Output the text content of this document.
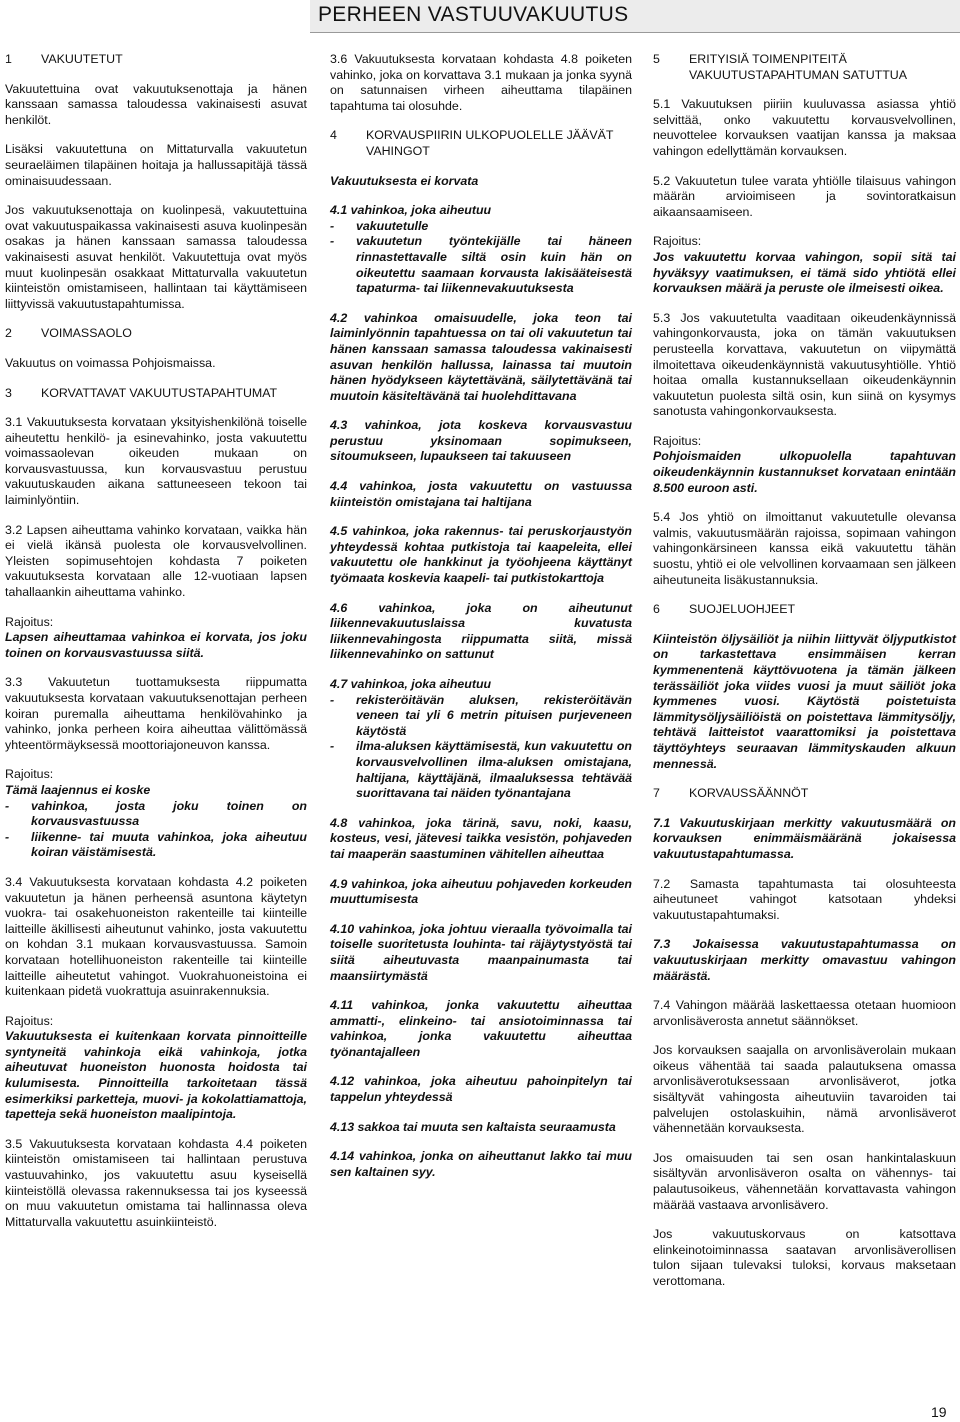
PERHEEN VASTUUVAKUUTUS
1	VAKUUTETUT
Vakuutettuina ovat vakuutuksenottaja ja hänen kanssaan samassa taloudessa vakinaisesti asuvat henkilöt.
Lisäksi vakuutettuna on Mittaturvalla vakuutetun seuraeläimen tilapäinen hoitaja ja hallussapitäjä tässä ominaisuudessaan.
Jos vakuutuksenottaja on kuolinpesä, vakuutettuina ovat vakuutuspaikassa vakinaisesti asuva kuolinpesän osakas ja hänen kanssaan samassa taloudessa vakinaisesti asuvat henkilöt. Vakuutettuja ovat myös muut kuolinpesän osakkaat Mittaturvalla vakuutetun kiinteistön omistamiseen, hallintaan tai käyttämiseen liittyvissä vakuutustapahtumissa.
2	VOIMASSAOLO
Vakuutus on voimassa Pohjoismaissa.
3	KORVATTAVAT VAKUUTUSTAPAHTUMAT
3.1 Vakuutuksesta korvataan yksityishenkilönä toiselle aiheutettu henkilö- ja esinevahinko, josta vakuutettu voimassaolevan oikeuden mukaan on korvausvastuussa, kun korvausvastuu perustuu vakuutuskauden aikana sattuneeseen tekoon tai laiminlyöntiin.
3.2 Lapsen aiheuttama vahinko korvataan, vaikka hän ei vielä ikänsä puolesta ole korvausvelvollinen. Yleisten sopimusehtojen kohdasta 7 poiketen vakuutuksesta korvataan alle 12-vuotiaan lapsen tahallaankin aiheuttama vahinko.
Rajoitus:
Lapsen aiheuttamaa vahinkoa ei korvata, jos joku toinen on korvausvastuussa siitä.
3.3 Vakuutetun tuottamuksesta riippumatta vakuutuksesta korvataan vakuutuksenottajan perheen koiran puremalla aiheuttama henkilövahinko ja vahinko, jonka perheen koira aiheuttaa välittömässä yhteentörmäyksessä moottoriajoneuvon kanssa.
Rajoitus:
Tämä laajennus ei koske
-	vahinkoa, josta joku toinen on korvausvastuussa
-	liikenne- tai muuta vahinkoa, joka aiheutuu koiran väistämisestä.
3.4 Vakuutuksesta korvataan kohdasta 4.2 poiketen vakuutetun ja hänen perheensä asuntona käytetyn vuokra- tai osakehuoneiston rakenteille tai kiinteille laitteille äkillisesti aiheutunut vahinko, josta vakuutettu on kohdan 3.1 mukaan korvausvastuussa. Samoin korvataan hotellihuoneiston rakenteille tai kiinteille laitteille aiheutetut vahingot. Vuokrahuoneistoina ei kuitenkaan pidetä vuokrattuja asuinrakennuksia.
Rajoitus:
Vakuutuksesta ei kuitenkaan korvata pinnoitteille syntyneitä vahinkoja eikä vahinkoja, jotka aiheutuvat huoneiston huonosta hoidosta tai kulumisesta. Pinnoitteilla tarkoitetaan tässä esimerkiksi parketteja, muovi- ja kokolattiamattoja, tapetteja sekä huoneiston maalipintoja.
3.5 Vakuutuksesta korvataan kohdasta 4.4 poiketen kiinteistön omistamiseen tai hallintaan perustuva vastuuvahinko, jos vakuutettu asuu kyseisellä kiinteistöllä olevassa rakennuksessa tai jos kyseessä on muu vakuutetun omistama tai hallinnassa oleva Mittaturvalla vakuutettu asuinkiinteistö.
3.6 Vakuutuksesta korvataan kohdasta 4.8 poiketen vahinko, joka on korvattava 3.1 mukaan ja jonka syynä on satunnaisen virheen aiheuttama tilapäinen tapahtuma tai olosuhde.
4	KORVAUSPIIRIN ULKOPUOLELLE JÄÄVÄT VAHINGOT
Vakuutuksesta ei korvata
4.1 vahinkoa, joka aiheutuu
-	vakuutetulle
-	vakuutetun työntekijälle tai häneen rinnastettavalle siltä osin kuin hän on oikeutettu saamaan korvausta lakisääteisestä tapaturma- tai liikennevakuutuksesta
4.2 vahinkoa omaisuudelle, joka teon tai laiminlyönnin tapahtuessa on tai oli vakuutetun tai hänen kanssaan samassa taloudessa vakinaisesti asuvan henkilön hallussa, lainassa tai muutoin hänen hyödykseen käytettävänä, säilytettävänä tai muutoin käsiteltävänä tai huolehdittavana
4.3 vahinkoa, jota koskeva korvausvastuu perustuu yksinomaan sopimukseen, sitoumukseen, lupaukseen tai takuuseen
4.4 vahinkoa, josta vakuutettu on vastuussa kiinteistön omistajana tai haltijana
4.5 vahinkoa, joka rakennus- tai peruskorjaustyön yhteydessä kohtaa putkistoja tai kaapeleita, ellei vakuutettu ole hankkinut ja työohjeena käyttänyt työmaata koskevia kaapeli- tai putkistokarttoja
4.6 vahinkoa, joka on aiheutunut liikennevakuutuslaissa kuvatusta liikennevahingosta riippumatta siitä, missä liikennevahinko on sattunut
4.7 vahinkoa, joka aiheutuu
-	rekisteröitävän aluksen, rekisteröitävän veneen tai yli 6 metrin pituisen purjeveneen käytöstä
-	ilma-aluksen käyttämisestä, kun vakuutettu on korvausvelvollinen ilma-aluksen omistajana, haltijana, käyttäjänä, ilmaaluksessa tehtävää suorittavana tai näiden työnantajana
4.8 vahinkoa, joka tärinä, savu, noki, kaasu, kosteus, vesi, jätevesi taikka vesistön, pohjaveden tai maaperän saastuminen vähitellen aiheuttaa
4.9 vahinkoa, joka aiheutuu pohjaveden korkeuden muuttumisesta
4.10 vahinkoa, joka johtuu vieraalla työvoimalla tai toiselle suoritetusta louhinta- tai räjäytystyöstä tai siitä aiheutuvasta maanpainumasta tai maansiirtymästä
4.11 vahinkoa, jonka vakuutettu aiheuttaa ammatti-, elinkeino- tai ansiotoiminnassa tai vahinkoa, jonka vakuutettu aiheuttaa työnantajalleen
4.12 vahinkoa, joka aiheutuu pahoinpitelyn tai tappelun yhteydessä
4.13 sakkoa tai muuta sen kaltaista seuraamusta
4.14 vahinkoa, jonka on aiheuttanut lakko tai muu sen kaltainen syy.
5	ERITYISIÄ TOIMENPITEITÄ VAKUUTUSTAPAHTUMAN SATUTTUA
5.1 Vakuutuksen piiriin kuuluvassa asiassa yhtiö selvittää, onko vakuutettu korvausvelvollinen, neuvottelee korvauksen vaatijan kanssa ja maksaa vahingon edellyttämän korvauksen.
5.2 Vakuutetun tulee varata yhtiölle tilaisuus vahingon määrän arvioimiseen ja sovintoratkaisun aikaansaamiseen.
Rajoitus:
Jos vakuutettu korvaa vahingon, sopii sitä tai hyväksyy vaatimuksen, ei tämä sido yhtiötä ellei korvauksen määrä ja peruste ole ilmeisesti oikea.
5.3 Jos vakuutetulta vaaditaan oikeudenkäynnissä vahingonkorvausta, joka on tämän vakuutuksen perusteella korvattava, vakuutetun on viipymättä ilmoitettava oikeudenkäynnistä vakuutusyhtiölle. Yhtiö hoitaa omalla kustannuksellaan oikeudenkäynnin vakuutetun puolesta siltä osin, kun siinä on kysymys sanotusta vahingonkorvauksesta.
Rajoitus:
Pohjoismaiden ulkopuolella tapahtuvan oikeudenkäynnin kustannukset korvataan enintään 8.500 euroon asti.
5.4 Jos yhtiö on ilmoittanut vakuutetulle olevansa valmis, vakuutusmäärän rajoissa, sopimaan vahingon vahingonkärsineen kanssa eikä vakuutettu tähän suostu, yhtiö ei ole velvollinen korvaamaan sen jälkeen aiheutuneita lisäkustannuksia.
6	SUOJELUOHJEET
Kiinteistön öljysäiliöt ja niihin liittyvät öljyputkistot on tarkastettava ensimmäisen kerran kymmenentenä käyttövuotena ja tämän jälkeen terässäiliöt joka viides vuosi ja muut säiliöt joka kymmenes vuosi. Käytöstä poistetuista lämmitysöljysäiliöistä on poistettava lämmitysöljy, tehtävä laitteistot vaarattomiksi ja poistettava täyttöyhteys seuraavan lämmityskauden alkuun mennessä.
7	KORVAUSSÄÄNNÖT
7.1 Vakuutuskirjaan merkitty vakuutusmäärä on korvauksen enimmäismääränä jokaisessa vakuutustapahtumassa.
7.2 Samasta tapahtumasta tai olosuhteesta aiheutuneet vahingot katsotaan yhdeksi vakuutustapahtumaksi.
7.3 Jokaisessa vakuutustapahtumassa on vakuutuskirjaan merkitty omavastuu vahingon määrästä.
7.4 Vahingon määrää laskettaessa otetaan huomioon arvonlisäverosta annetut säännökset.
Jos korvauksen saajalla on arvonlisäverolain mukaan oikeus vähentää tai saada palautuksena omassa arvonlisäverotuksessaan arvonlisäverot, jotka sisältyvät vahingosta aiheutuviin tavaroiden tai palvelujen ostolaskuihin, nämä arvonlisäverot vähennetään korvauksesta.
Jos omaisuuden tai sen osan hankintalaskuun sisältyvän arvonlisäveron osalta on vähennys- tai palautusoikeus, vähennetään korvattavasta vahingon määrää vastaava arvonlisävero.
Jos vakuutuskorvaus on katsottava elinkeinotoiminnassa saatavan arvonlisäverollisen tulon sijaan tulevaksi tuloksi, korvaus maksetaan verottomana.
19
